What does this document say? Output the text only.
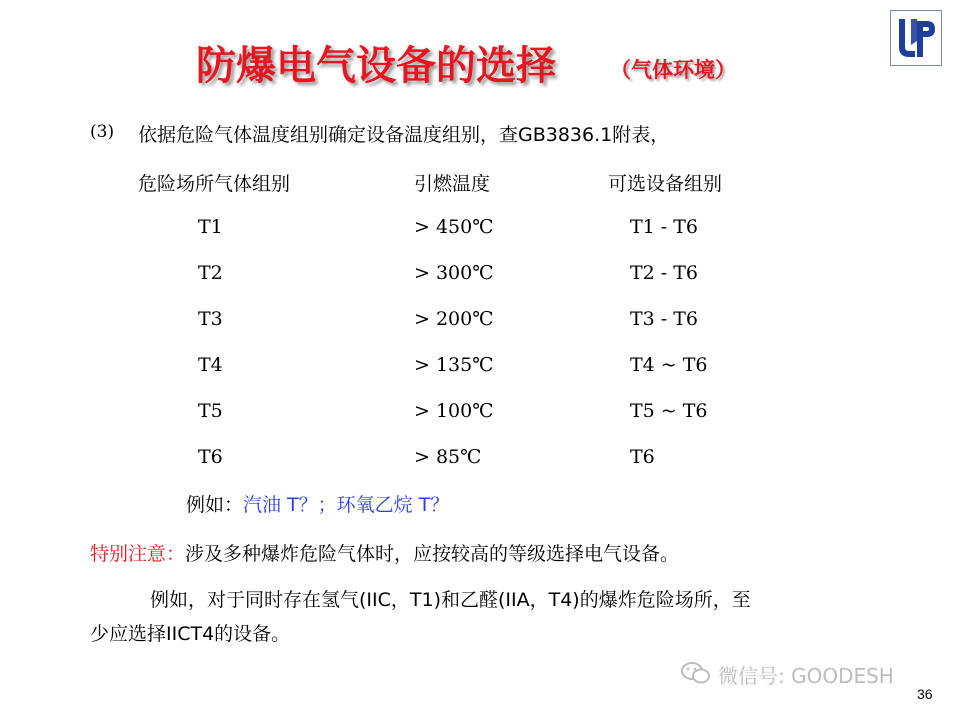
防爆电气设备的选择	（气体环境）
(3) 依据危险气体温度组别确定设备温度组别，查GB3836.1附表，
危险场所气体组别	引燃温度	可选设备组别
T1	> 450℃	T1 - T6
T2	> 300℃	T2 - T6
T3	> 200℃	T3 - T6
T4	> 135℃	T4 ~ T6
T5	> 100℃	T5 ~ T6
T6	> 85℃	T6
例如：汽油 T？；环氧乙烷 T？
特别注意：涉及多种爆炸危险气体时，应按较高的等级选择电气设备。
例如，对于同时存在氢气(IIC，T1)和乙醛(IIA，T4)的爆炸危险场所，至
少应选择IICT4的设备。
微信号: GOODESH
36
